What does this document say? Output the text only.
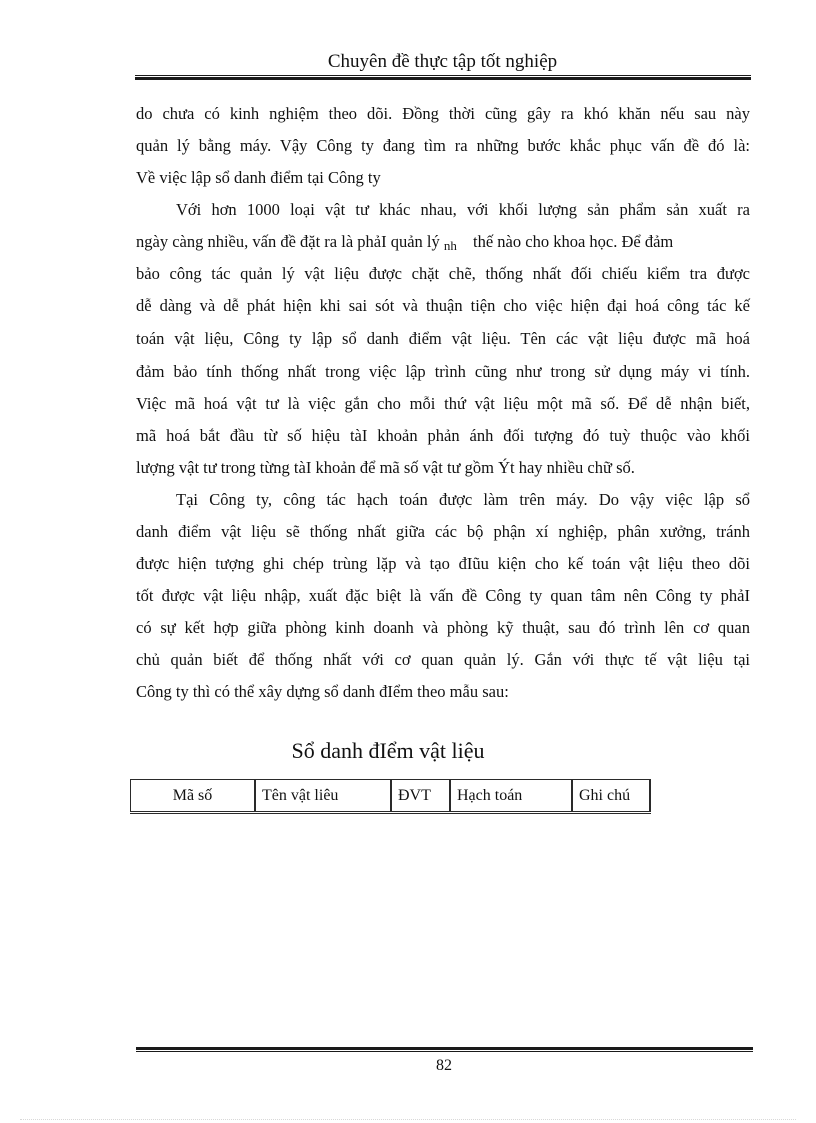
Chuyên đề thực tập tốt nghiệp
do chưa có kinh nghiệm theo dõi. Đồng thời cũng gây ra khó khăn nếu sau này
quản lý bằng máy. Vậy Công ty đang tìm ra những bước khắc phục vấn đề đó là:
Về việc lập sổ danh điểm tại Công ty
Với hơn 1000 loại vật tư khác nhau, với khối lượng sản phẩm sản xuất ra
ngày càng nhiều, vấn đề đặt ra là phảI quản lý nh thế nào cho khoa học. Để đảm
bảo công tác quản lý vật liệu được chặt chẽ, thống nhất đối chiếu kiểm tra được
dễ dàng và dễ phát hiện khi sai sót và thuận tiện cho việc hiện đại hoá công tác kế
toán vật liệu, Công ty lập sổ danh điểm vật liệu. Tên các vật liệu được mã hoá
đảm bảo tính thống nhất trong việc lập trình cũng như trong sử dụng máy vi tính.
Việc mã hoá vật tư là việc gắn cho mỗi thứ vật liệu một mã số. Để dễ nhận biết,
mã hoá bắt đầu từ số hiệu tàI khoản phản ánh đối tượng đó tuỳ thuộc vào khối
lượng vật tư trong từng tàI khoản để mã số vật tư gồm Ýt hay nhiều chữ số.
Tại Công ty, công tác hạch toán được làm trên máy. Do vậy việc lập sổ
danh điểm vật liệu sẽ thống nhất giữa các bộ phận xí nghiệp, phân xưởng, tránh
được hiện tượng ghi chép trùng lặp và tạo đIũu kiện cho kế toán vật liệu theo dõi
tốt được vật liệu nhập, xuất đặc biệt là vấn đề Công ty quan tâm nên Công ty phảI
có sự kết hợp giữa phòng kinh doanh và phòng kỹ thuật, sau đó trình lên cơ quan
chủ quản biết để thống nhất với cơ quan quản lý. Gắn với thực tế vật liệu tại
Công ty thì có thể xây dựng sổ danh đIểm theo mẫu sau:
Sổ danh đIểm vật liệu
Mã số	Tên vật liêu	ĐVT	Hạch toán	Ghi chú
82
